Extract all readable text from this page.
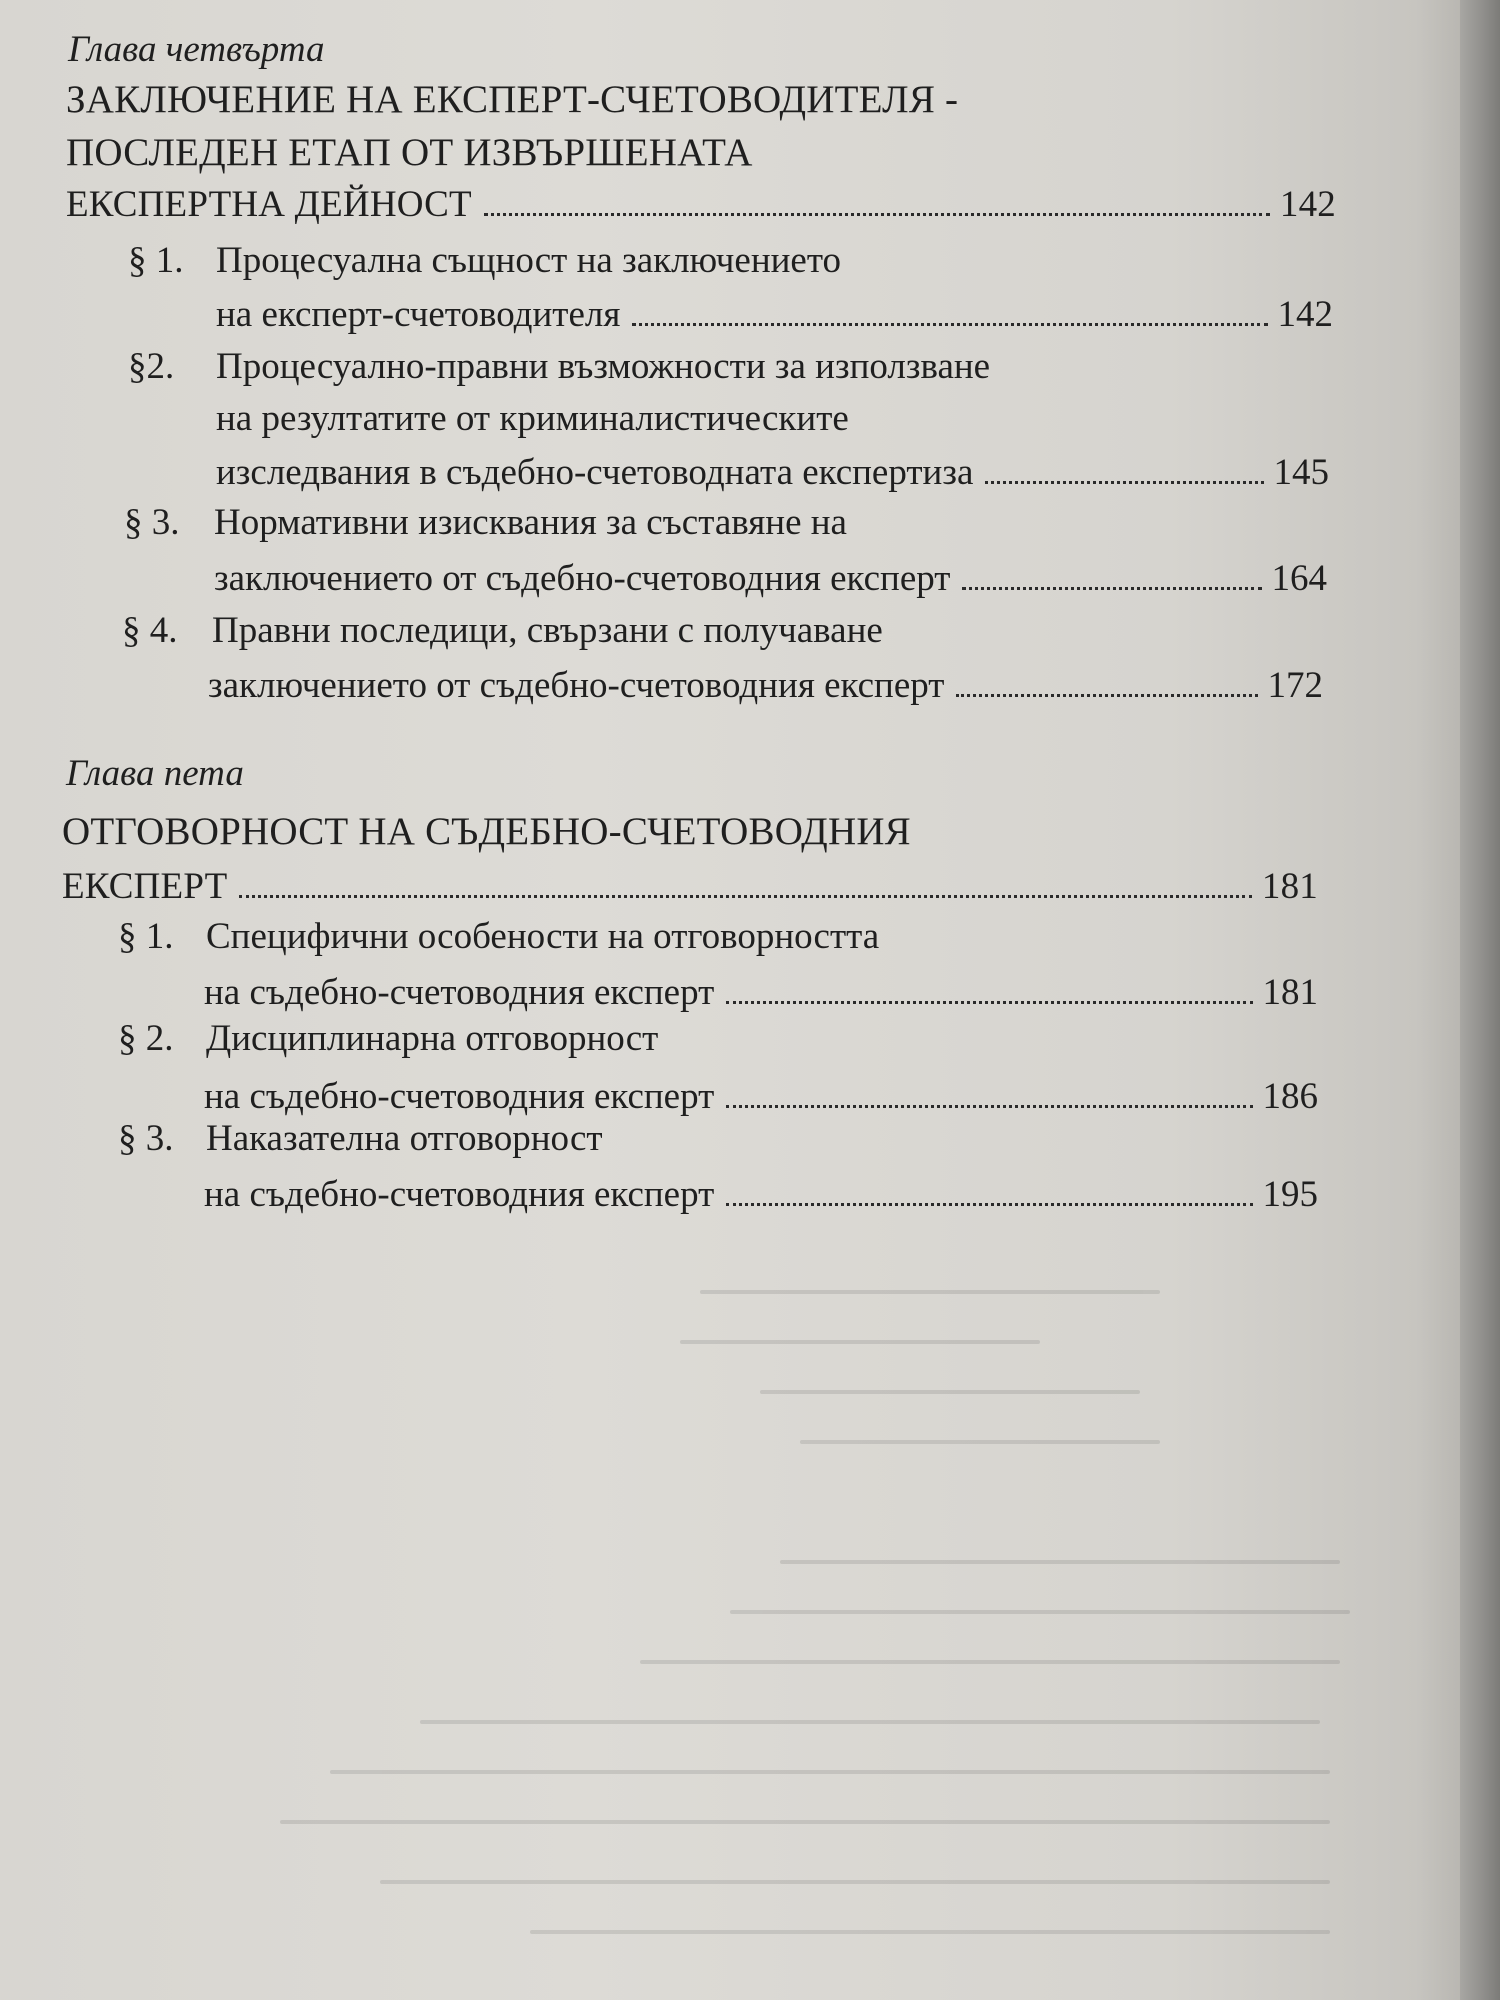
Глава четвърта
ЗАКЛЮЧЕНИЕ НА ЕКСПЕРТ-СЧЕТОВОДИТЕЛЯ -
ПОСЛЕДЕН ЕТАП ОТ ИЗВЪРШЕНАТА
ЕКСПЕРТНА ДЕЙНОСТ	142
§ 1. Процесуална същност на заключението
на експерт-счетоводителя	142
§2. Процесуално-правни възможности за използване
на резултатите от криминалистическите
изследвания в съдебно-счетоводната експертиза	145
§ 3. Нормативни изисквания за съставяне на
заключението от съдебно-счетоводния експерт	164
§ 4. Правни последици, свързани с получаване
заключението от съдебно-счетоводния експерт	172
Глава пета
ОТГОВОРНОСТ НА СЪДЕБНО-СЧЕТОВОДНИЯ
ЕКСПЕРТ	181
§ 1. Специфични особености на отговорността
на съдебно-счетоводния експерт	181
§ 2. Дисциплинарна отговорност
на съдебно-счетоводния експерт	186
§ 3. Наказателна отговорност
на съдебно-счетоводния експерт	195
